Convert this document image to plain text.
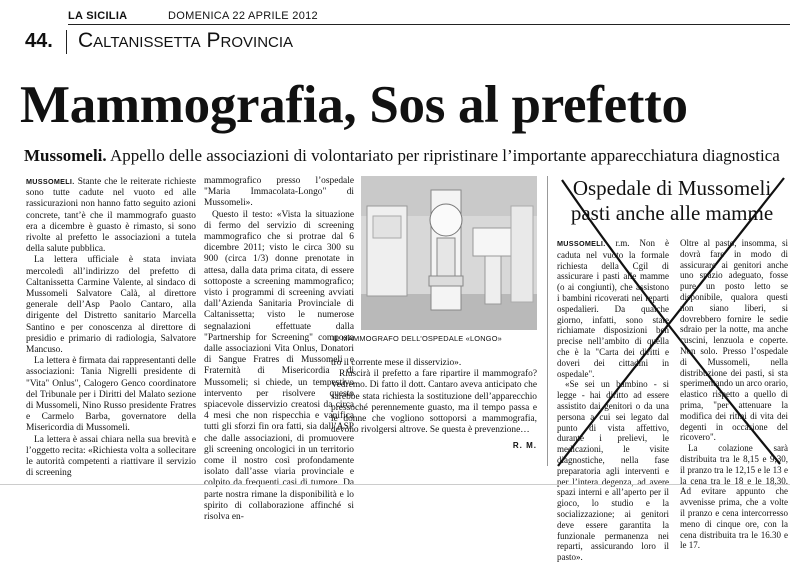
LA SICILIA	DOMENICA 22 APRILE 2012
44. Caltanissetta Provincia
Mammografia, Sos al prefetto
Mussomeli. Appello delle associazioni di volontariato per ripristinare l’importante apparecchiatura diagnostica

MUSSOMELI. Stante che le reiterate richieste sono tutte cadute nel vuoto ed alle rassicurazioni non hanno fatto seguito azioni concrete, tant’è che il mammografo guasto era a dicembre è guasto è rimasto, si sono rivolte al prefetto le associazioni a tutela della salute pubblica.

La lettera ufficiale è stata inviata mercoledì all’indirizzo del prefetto di Caltanissetta Carmine Valente, al sindaco di Mussomeli Salvatore Calà, al direttore generale dell’Asp Paolo Cantaro, alla dirigente del Distretto sanitario Marcella Santino e per conoscenza al direttore di presidio e primario di radiologia, Salvatore Mancuso.

La lettera è firmata dai rappresentanti delle associazioni: Tania Nigrelli presidente di "Vita" Onlus", Calogero Genco coordinatore del Tribunale per i Diritti del Malato sezione di Mussomeli, Nino Russo presidente Fratres e Carmelo Barba, governatore della Misericordia di Mussomeli.

La lettera è assai chiara nella sua brevità e l’oggetto recita: «Richiesta volta a sollecitare le autorità competenti a riattivare il servizio di screening

mammografico presso l’ospedale "Maria Immacolata-Longo" di Mussomeli».

Questo il testo: «Vista la situazione di fermo del servizio di screening mammografico che si protrae dal 6 dicembre 2011; visto le circa 300 su 900 (circa 1/3) donne prenotate in attesa, dalla data prima citata, di essere sottoposte a screening mammografico; visto i programmi di screening avviati dall’Azienda Sanitaria Provinciale di Caltanissetta; visto le numerose segnalazioni effettuate dalla "Partnership for Screening" composta dalle associazioni Vita Onlus, Donatori di Sangue Fratres di Mussomeli e Fraternità di Misericordia di Mussomeli; si chiede, un tempestivo intervento per risolvere questo spiacevole disservizio creatosi da circa 4 mesi che non rispecchia e vanifica tutti gli sforzi fin ora fatti, sia dall’ASP che dalle associazioni, di promuovere gli screening oncologici in un territorio come il nostro così profondamente isolato dall’asse viaria provinciale e colpito da frequenti casi di tumore. Da parte nostra rimane la disponibilità e lo spirito di collaborazione affinché si risolva en-

IL MAMMOGRAFO DELL’OSPEDALE «LONGO»

tro il corrente mese il disservizio».

Riuscirà il prefetto a fare ripartire il mammografo? Vedremo. Di fatto il dott. Cantaro aveva anticipato che sarebbe stata richiesta la sostituzione dell’apparecchio pressoché perennemente guasto, ma il tempo passa e le donne che vogliono sottoporsi a mammografia, devono rivolgersi altrove. Se questa è prevenzione…

R. M.
Ospedale di Mussomeli pasti anche alle mamme

MUSSOMELI. r.m. Non è caduta nel vuoto la formale richiesta della Cgil di assicurare i pasti alle mamme (o ai congiunti), che assistono i bambini ricoverati nei reparti ospedalieri. Da qualche giorno, infatti, sono state richiamate disposizioni ben precise nell’ambito di quella che è la "Carta dei diritti e doveri dei cittadini in ospedale".

«Se sei un bambino - si legge - hai diritto ad essere assistito dai genitori o da una persona a cui sei legato dal punto di vista affettivo, durante i prelievi, le medicazioni, le visite diagnostiche, nella fase preparatoria agli interventi e per l’intera degenza, ad avere spazi interni e all’aperto per il gioco, lo studio e la socializzazione; ai genitori deve essere garantita la funzionale permanenza nei reparti, assicurando loro il pasto».

Oltre al pasto, insomma, si dovrà fare in modo di assicurare ai genitori anche uno spazio adeguato, fosse pure un posto letto se disponibile, qualora questi non siano liberi, si dovrebbero fornire le sedie sdraio per la notte, ma anche cuscini, lenzuola e coperte. Non solo. Presso l’ospedale di Mussomeli, nella distribuzione dei pasti, si sta sperimentando un arco orario, elastico rispetto a quello di prima, "per attenuare la modifica dei ritmi di vita dei degenti in occasione del ricovero".

La colazione sarà distribuita tra le 8,15 e 9,30, il pranzo tra le 12,15 e le 13 e la cena tra le 18 e le 18,30. Ad evitare appunto che avvenisse prima, che a volte il pranzo e cena intercorresso meno di cinque ore, con la cena distribuita tra le 16.30 e le 17.
